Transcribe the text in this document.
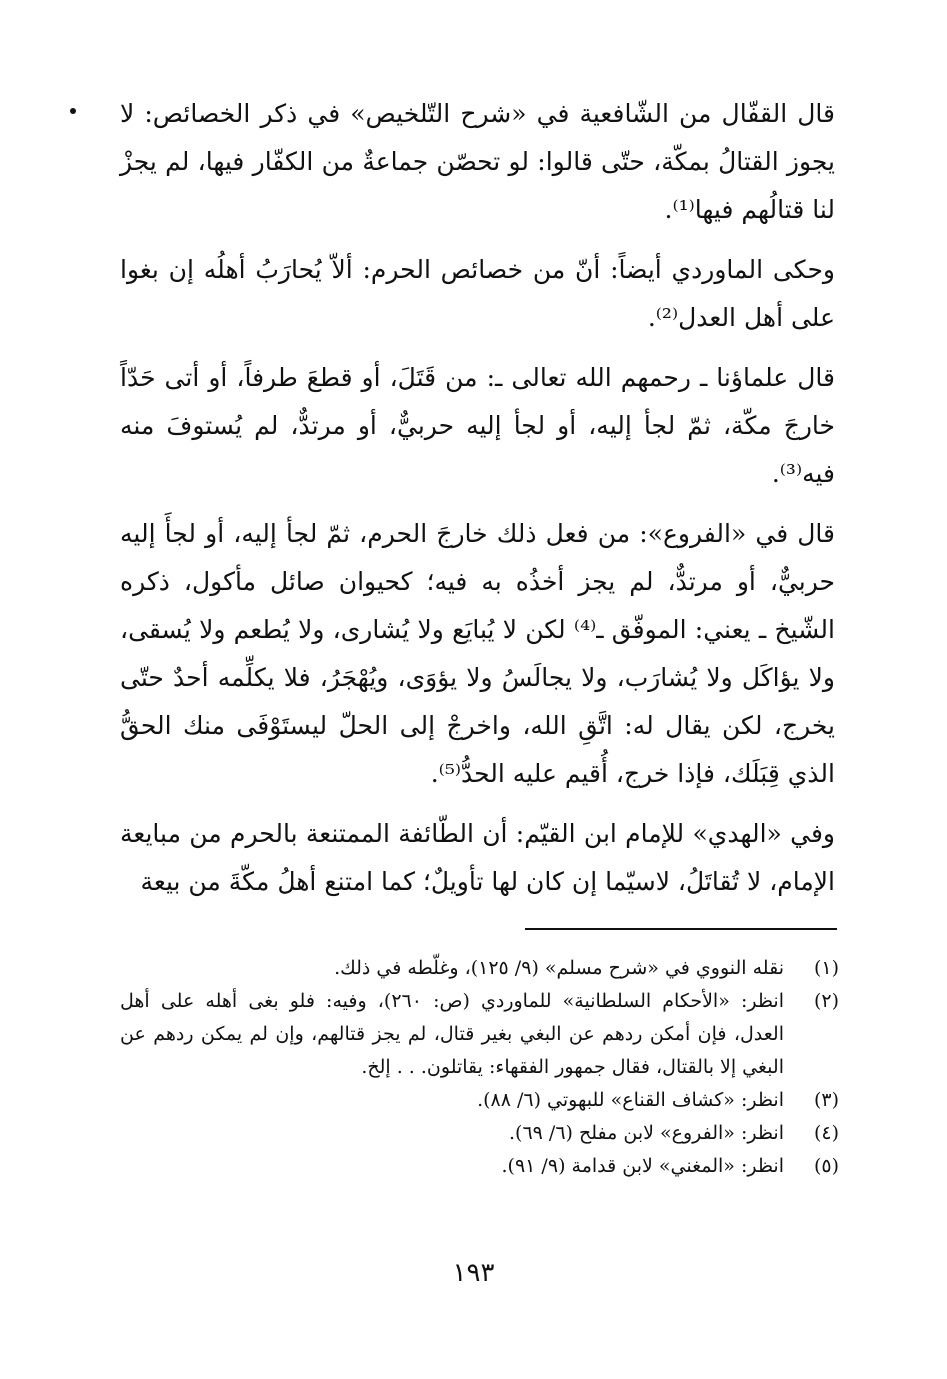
قال القفّال من الشّافعية في «شرح التّلخيص» في ذكر الخصائص: لا يجوز القتالُ بمكّة، حتّى قالوا: لو تحصّن جماعةٌ من الكفّار فيها، لم يجزْ لنا قتالُهم فيها⁽¹⁾.

وحكى الماوردي أيضاً: أنّ من خصائص الحرم: ألاّ يُحارَبُ أهلُه إن بغوا على أهل العدل⁽²⁾.

قال علماؤنا ـ رحمهم الله تعالى ـ: من قَتَلَ، أو قطعَ طرفاً، أو أتى حَدّاً خارجَ مكّة، ثمّ لجأ إليه، أو لجأ إليه حربيٌّ، أو مرتدٌّ، لم يُستوفَ منه فيه⁽³⁾.

قال في «الفروع»: من فعل ذلك خارجَ الحرم، ثمّ لجأ إليه، أو لجأَ إليه حربيٌّ، أو مرتدٌّ، لم يجز أخذُه به فيه؛ كحيوان صائل مأكول، ذكره الشّيخ ـ يعني: الموفّق ـ⁽⁴⁾ لكن لا يُبايَع ولا يُشارى، ولا يُطعم ولا يُسقى، ولا يؤاكَل ولا يُشارَب، ولا يجالَسُ ولا يؤوَى، ويُهْجَرُ، فلا يكلِّمه أحدٌ حتّى يخرج، لكن يقال له: اتَّقِ الله، واخرجْ إلى الحلّ ليستَوْفَى منك الحقُّ الذي قِبَلَك، فإذا خرج، أُقيم عليه الحدُّ⁽⁵⁾.

وفي «الهدي» للإمام ابن القيّم: أن الطّائفة الممتنعة بالحرم من مبايعة الإمام، لا تُقاتَلُ، لاسيّما إن كان لها تأويلٌ؛ كما امتنع أهلُ مكّةَ من بيعة

(١)
نقله النووي في «شرح مسلم» (٩/ ١٢٥)، وغلّطه في ذلك.
(٢)
انظر: «الأحكام السلطانية» للماوردي (ص: ٢٦٠)، وفيه: فلو بغى أهله على أهل العدل، فإن أمكن ردهم عن البغي بغير قتال، لم يجز قتالهم، وإن لم يمكن ردهم عن البغي إلا بالقتال، فقال جمهور الفقهاء: يقاتلون. . . إلخ.
(٣)
انظر: «كشاف القناع» للبهوتي (٦/ ٨٨).
(٤)
انظر: «الفروع» لابن مفلح (٦/ ٦٩).
(٥)
انظر: «المغني» لابن قدامة (٩/ ٩١).
١٩٣
